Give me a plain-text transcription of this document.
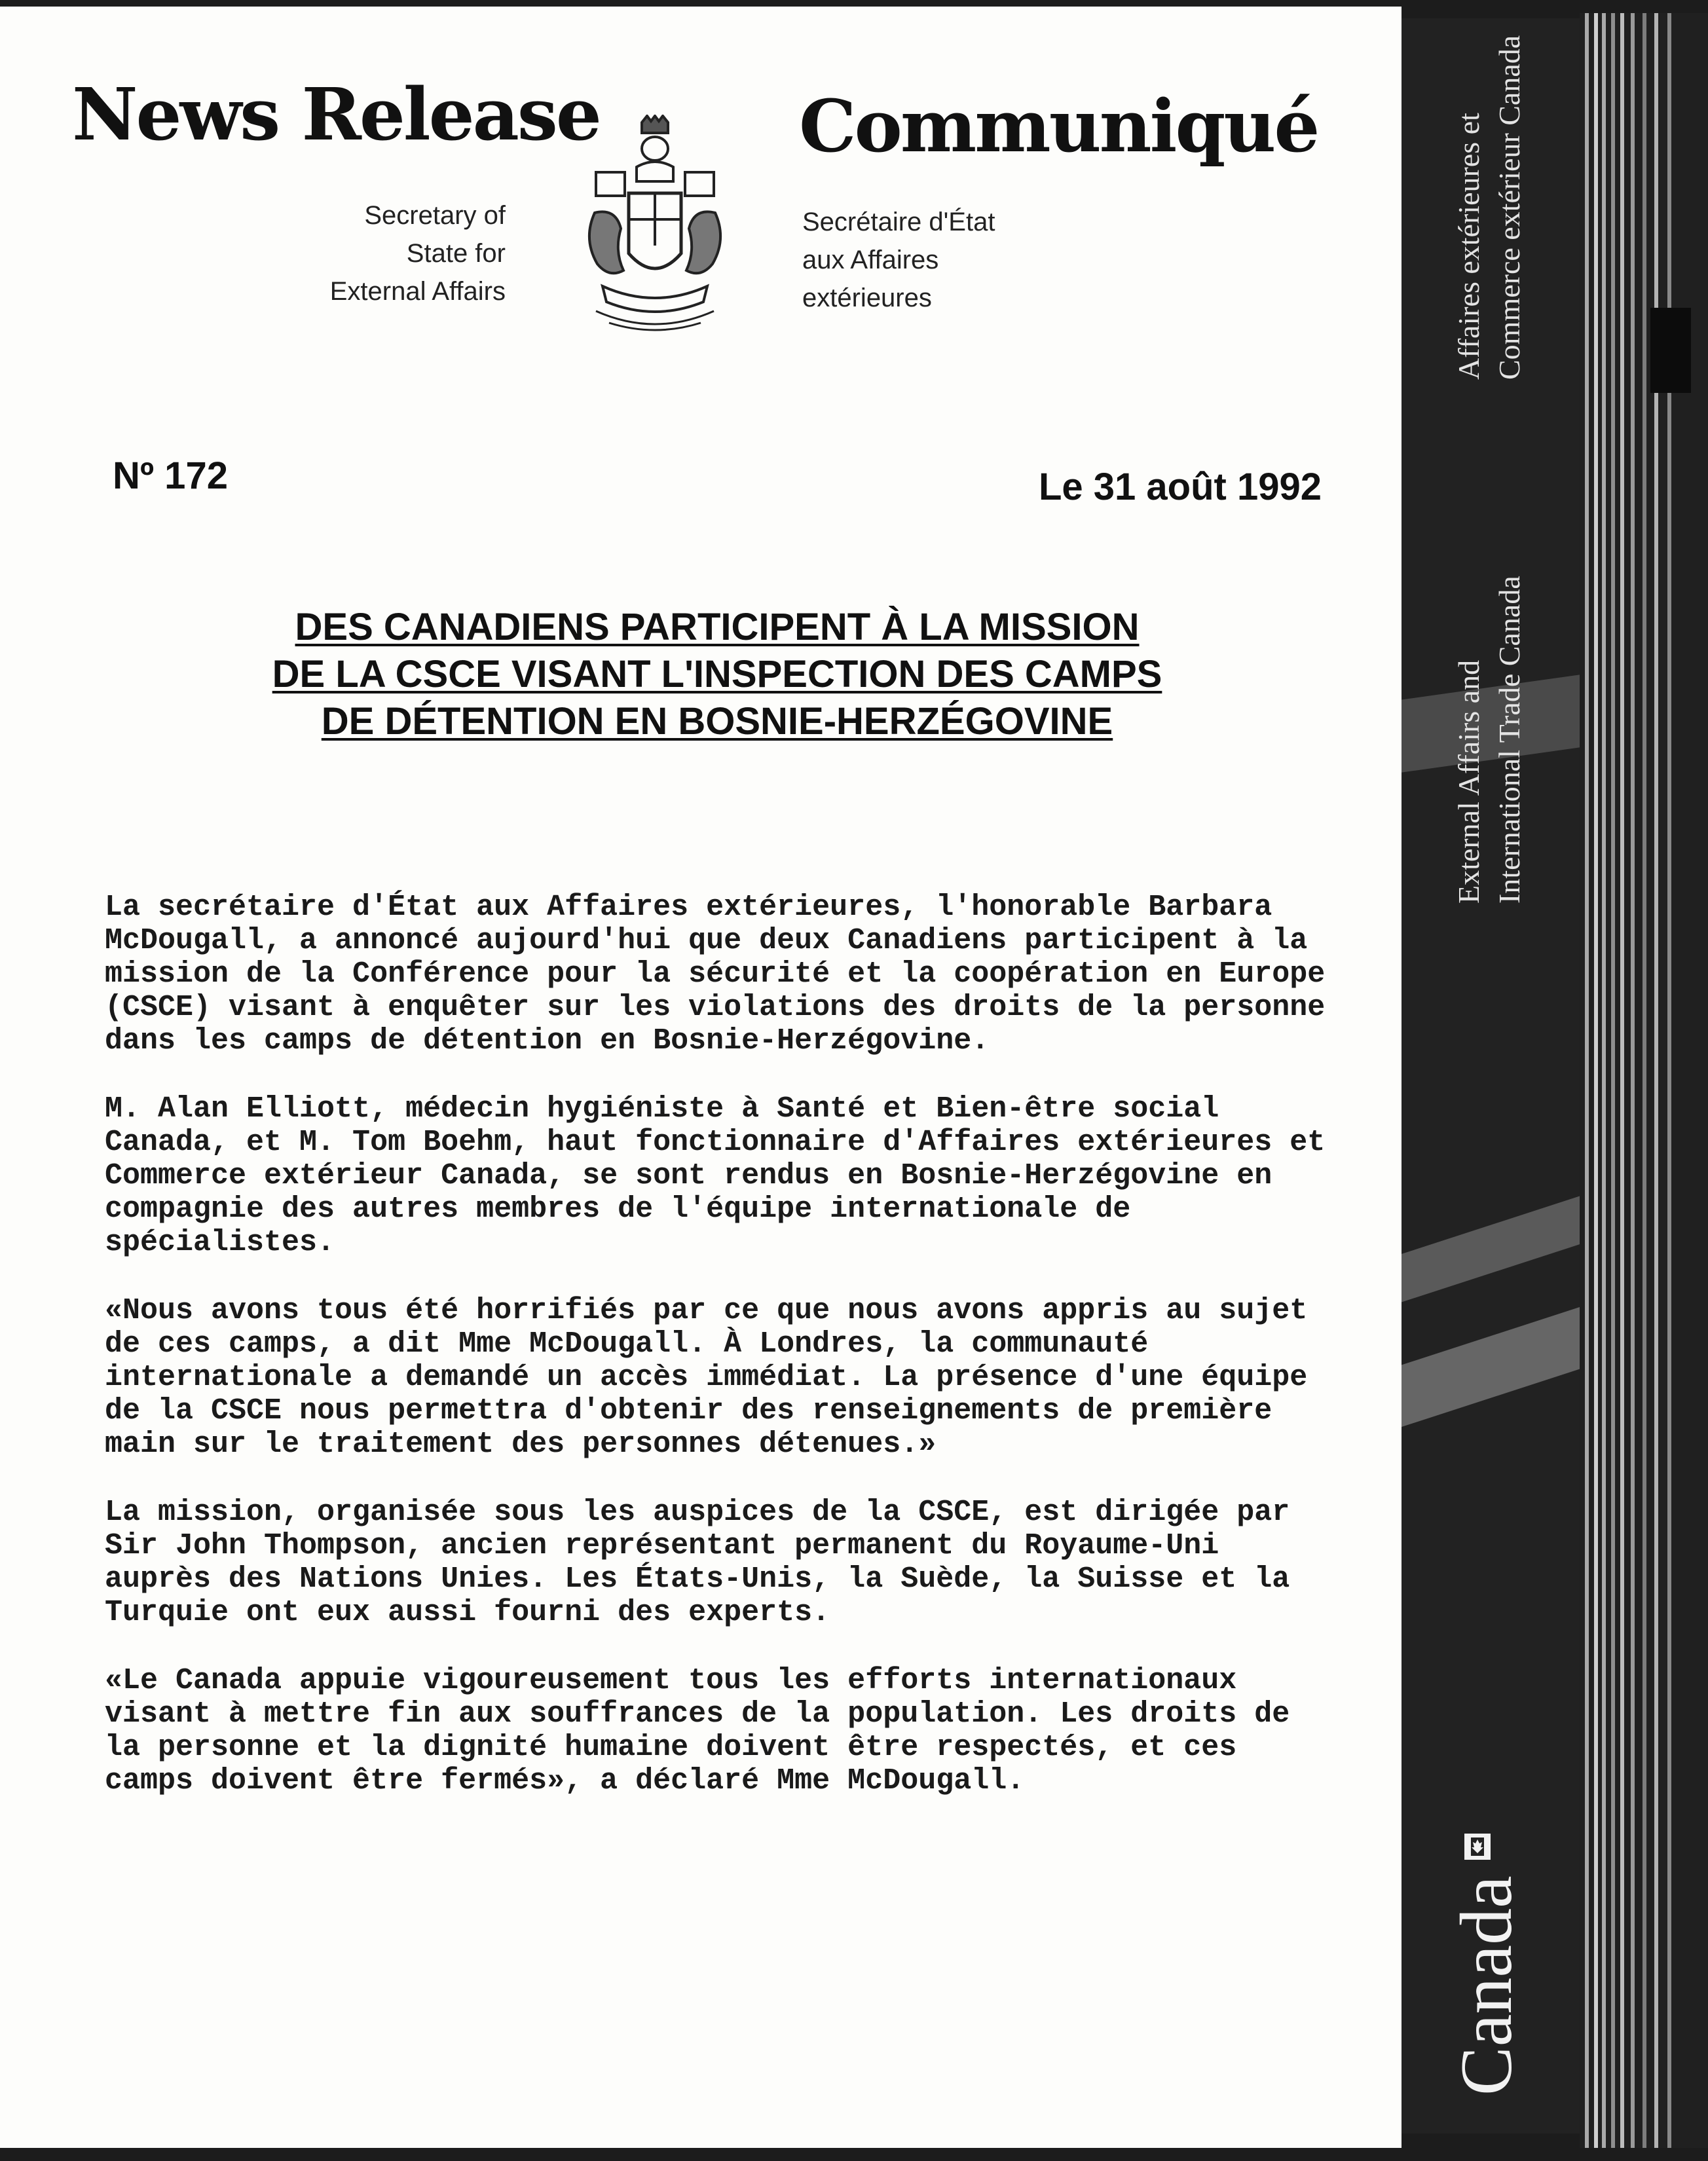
News Release	Communiqué
Secretary of
State for
External Affairs
Secrétaire d'État
aux Affaires
extérieures
Nº 172	Le 31 août 1992
DES CANADIENS PARTICIPENT À LA MISSION
DE LA CSCE VISANT L'INSPECTION DES CAMPS
DE DÉTENTION EN BOSNIE-HERZÉGOVINE

La secrétaire d'État aux Affaires extérieures, l'honorable Barbara McDougall, a annoncé aujourd'hui que deux Canadiens participent à la mission de la Conférence pour la sécurité et la coopération en Europe (CSCE) visant à enquêter sur les violations des droits de la personne dans les camps de détention en Bosnie-Herzégovine.

M. Alan Elliott, médecin hygiéniste à Santé et Bien-être social Canada, et M. Tom Boehm, haut fonctionnaire d'Affaires extérieures et Commerce extérieur Canada, se sont rendus en Bosnie-Herzégovine en compagnie des autres membres de l'équipe internationale de spécialistes.

«Nous avons tous été horrifiés par ce que nous avons appris au sujet de ces camps, a dit Mme McDougall. À Londres, la communauté internationale a demandé un accès immédiat. La présence d'une équipe de la CSCE nous permettra d'obtenir des renseignements de première main sur le traitement des personnes détenues.»

La mission, organisée sous les auspices de la CSCE, est dirigée par Sir John Thompson, ancien représentant permanent du Royaume-Uni auprès des Nations Unies. Les États-Unis, la Suède, la Suisse et la Turquie ont eux aussi fourni des experts.

«Le Canada appuie vigoureusement tous les efforts internationaux visant à mettre fin aux souffrances de la population. Les droits de la personne et la dignité humaine doivent être respectés, et ces camps doivent être fermés», a déclaré Mme McDougall.

Affaires extérieures et Commerce extérieur Canada
External Affairs and International Trade Canada
Canada
